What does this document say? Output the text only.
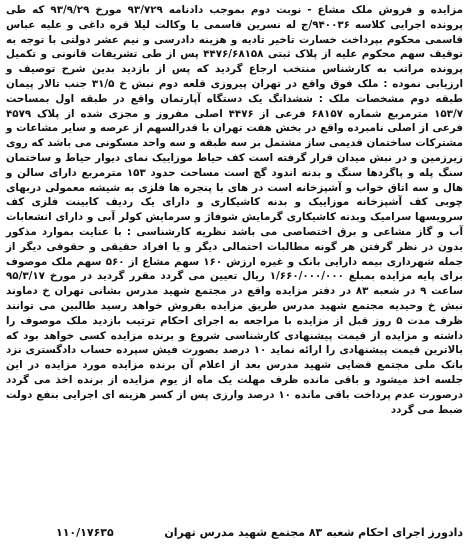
مزایده و فروش ملک مشاع - نوبت دوم بموجب دادنامه ۹۳/۷۲۹ مورخ ۹۳/۹/۲۹ که طی پرونده اجرایی کلاسه ۹۴۰۰۳۶/ج له نسرین قاسمی با وکالت لیلا قره داغی و علیه عباس قاسمی محکوم بپرداخت خسارت تاخیر تادیه و هزینه دادرسی و نیم عشر دولتی با توجه به توقیف سهم محکوم علیه از پلاک ثبتی ۴۴۷۶/۶۸۱۵۸ پس از طی تشریفات قانونی و تکمیل پرونده مراتب به کارشناس منتخب ارجاع گردید که پس از بازدید بدین شرح توصیف و ارزیابی نموده : ملک فوق واقع در تهران پیروزی قلعه دوم نبش خ ۳۱/۵ جنب تالار پیمان طبقه دوم مشخصات ملک : ششدانگ یک دستگاه آپارتمان واقع در طبقه اول بمساحت ۱۵۳/۷ مترمربع شماره ۶۸۱۵۷ فرعی از ۴۴۷۶ اصلی مفروز و مجزی شده از پلاک ۴۵۷۹ فرعی از اصلی نامبرده واقع در بخش هفت تهران با قدرالسهم از عرصه و سایر مشاعات و مشترکات ساختمان قدیمی ساز مشتمل بر سه طبقه و سه واحد مسکونی می باشد که روی زیرزمین و در نبش میدان قرار گرفته است کف حیاط موزاییک نمای دیوار حیاط و ساختمان سنگ پله و پاگردها سنگ و بدنه اندود گچ است مساحت حدود ۱۵۳ مترمربع دارای سالن و هال و سه اتاق خواب و آشپزخانه است در های با پنجره ها فلزی به شیشه معمولی دربهای چوبی کف آشپزخانه موزاییک و بدنه کاشیکاری و دارای یک ردیف کابینت فلزی کف سرویسها سرامیک وبدنه کاشیکاری گرمایش شوفاژ و سرمایش کولر آبی و دارای انشعابات آب و گاز مشاعی و برق اختصاصی می باشد نظریه کارشناسی : با عنایت بموارد مذکور بدون در نظر گرفتن هر گونه مطالبات احتمالی دیگر و یا افراد حقیقی و حقوقی دیگر از جمله شهرداری بیمه دارایی بانک و غیره ارزش ۱۶۰ سهم مشاع از ۵۶۰ سهم ملک موصوف برای پایه مزایده بمبلغ ۱/۶۶۰/۰۰۰/۰۰۰ ریال تعیین می گردد مقرر گردید در مورخ ۹۵/۳/۱۷ ساعت ۹ در شعبه ۸۳ در دفتر مزایده واقع در مجتمع شهید مدرس بشانی تهران خ دماوند نبش خ وحیدیه مجتمع شهید مدرس طریق مزایده بفروش خواهد رسید طالبین می توانند ظرف مدت ۵ روز قبل از مزایده با مراجعه به اجرای احکام ترتیب بازدید ملک موصوف را داشته و مزایده از قیمت پیشنهادی کارشناسی شروع و برنده مزایده کسی خواهد بود که بالاترین قیمت پیشنهادی را ارائه نماید ۱۰ درصد بصورت فیش سپرده حساب دادگستری نزد بانک ملی مجتمع قضایی شهید مدرس بعد از اعلام آن برنده مزایده مورد مزایده در این جلسه اخذ میشود و باقی مانده ظرف مهلت یک ماه از یوم مزایده از برنده اخذ می گردد درصورت عدم پرداخت باقی مانده ۱۰ درصد وارزی پس از کسر هزینه ای اجرایی بنفع دولت ضبط می گردد

دادورز اجرای احکام شعبه ۸۳ مجتمع شهید مدرس تهران
۱۱۰/۱۷۶۳۵
